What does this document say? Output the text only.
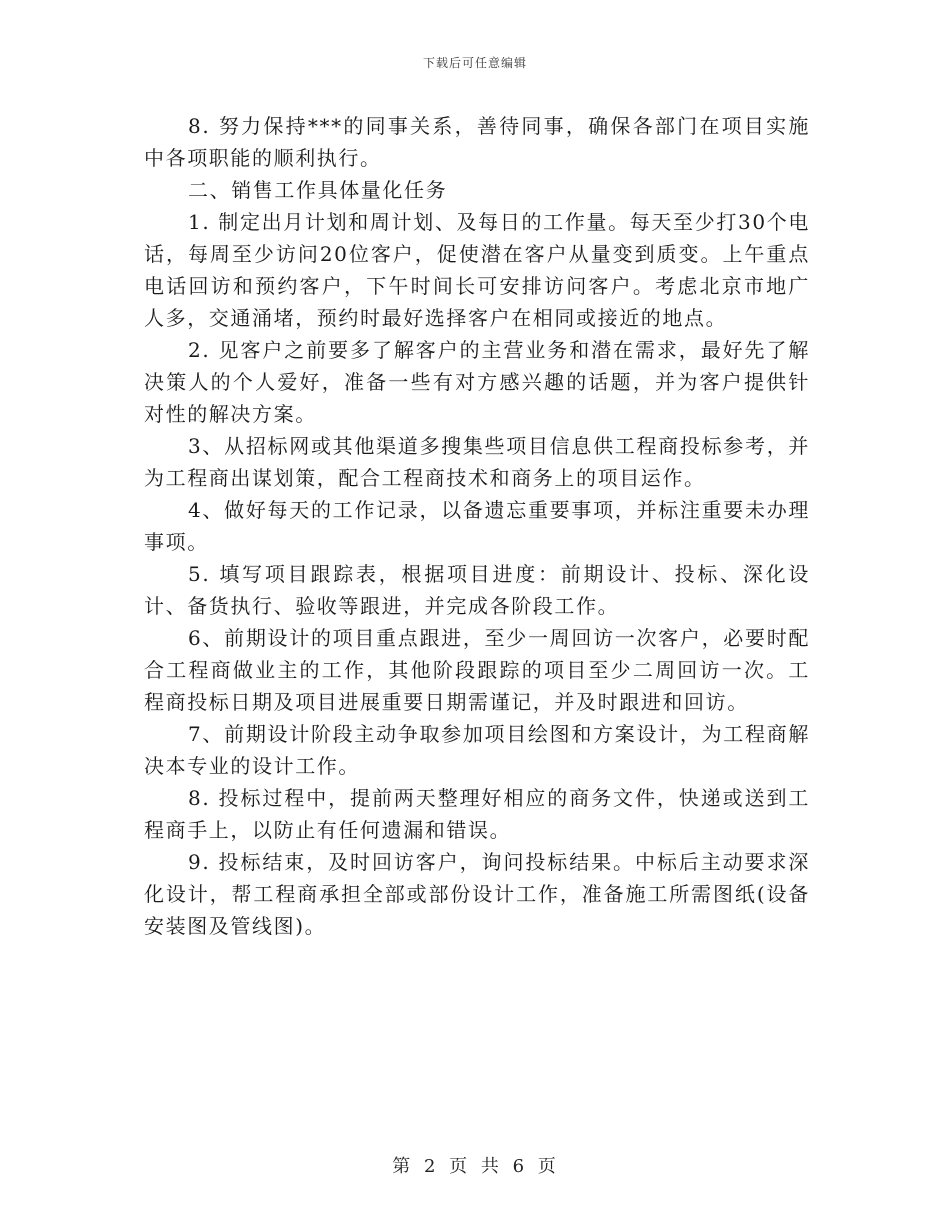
下载后可任意编辑

8. 努力保持***的同事关系，善待同事，确保各部门在项目实施中各项职能的顺利执行。

二、销售工作具体量化任务

1. 制定出月计划和周计划、及每日的工作量。每天至少打30个电话，每周至少访问20位客户，促使潜在客户从量变到质变。上午重点电话回访和预约客户，下午时间长可安排访问客户。考虑北京市地广人多，交通涌堵，预约时最好选择客户在相同或接近的地点。

2. 见客户之前要多了解客户的主营业务和潜在需求，最好先了解决策人的个人爱好，准备一些有对方感兴趣的话题，并为客户提供针对性的解决方案。

3、从招标网或其他渠道多搜集些项目信息供工程商投标参考，并为工程商出谋划策，配合工程商技术和商务上的项目运作。

4、做好每天的工作记录，以备遗忘重要事项，并标注重要未办理事项。

5. 填写项目跟踪表，根据项目进度：前期设计、投标、深化设计、备货执行、验收等跟进，并完成各阶段工作。

6、前期设计的项目重点跟进，至少一周回访一次客户，必要时配合工程商做业主的工作，其他阶段跟踪的项目至少二周回访一次。工程商投标日期及项目进展重要日期需谨记，并及时跟进和回访。

7、前期设计阶段主动争取参加项目绘图和方案设计，为工程商解决本专业的设计工作。

8. 投标过程中，提前两天整理好相应的商务文件，快递或送到工程商手上，以防止有任何遗漏和错误。

9. 投标结束，及时回访客户，询问投标结果。中标后主动要求深化设计，帮工程商承担全部或部份设计工作，准备施工所需图纸(设备安装图及管线图)。

第 2 页 共 6 页
